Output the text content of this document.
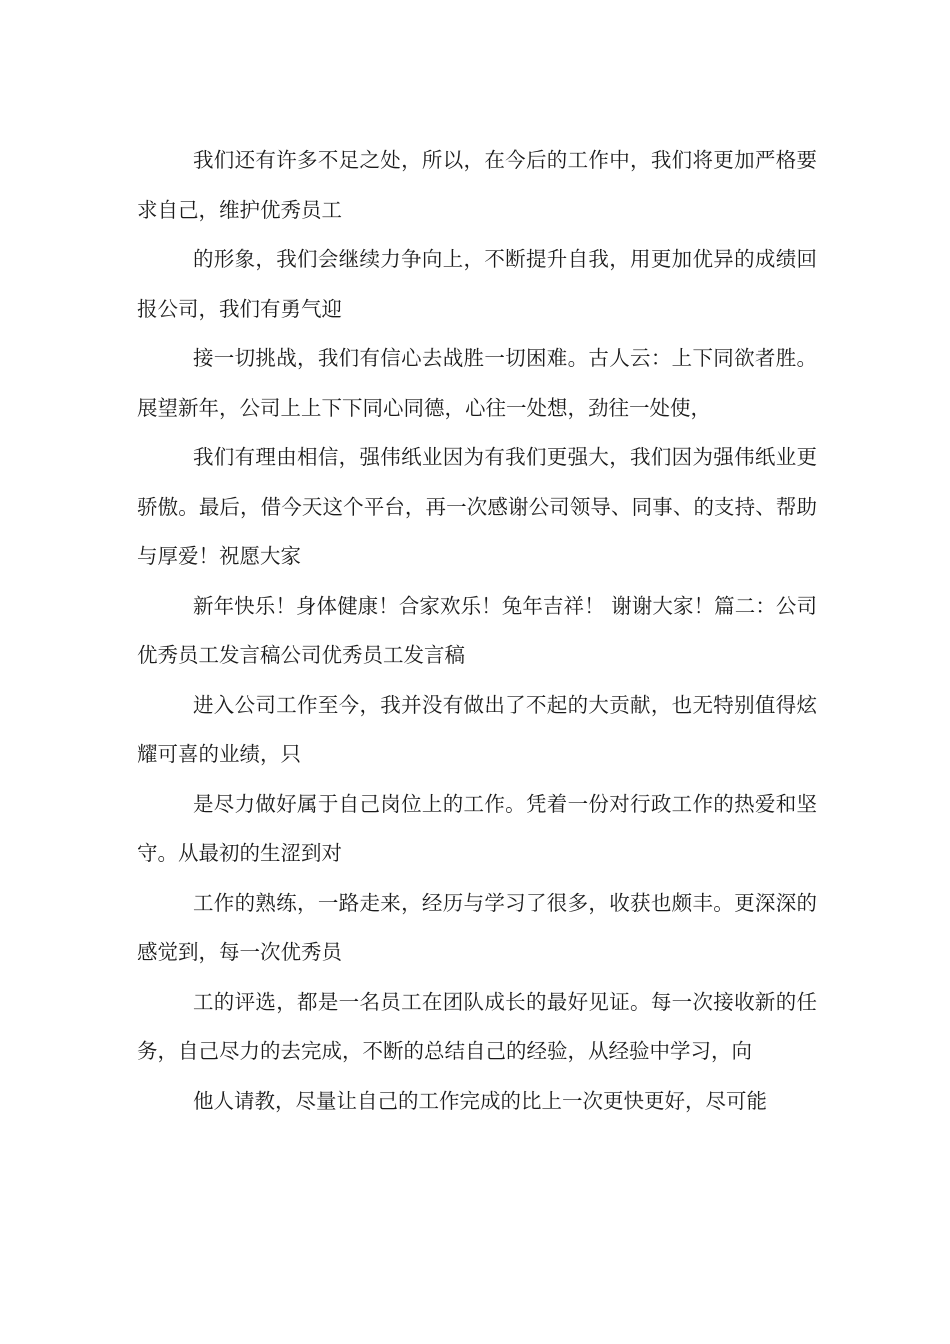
我们还有许多不足之处，所以，在今后的工作中，我们将更加严格要求自己，维护优秀员工

的形象，我们会继续力争向上，不断提升自我，用更加优异的成绩回报公司，我们有勇气迎

接一切挑战，我们有信心去战胜一切困难。古人云：上下同欲者胜。展望新年，公司上上下下同心同德，心往一处想，劲往一处使，

我们有理由相信，强伟纸业因为有我们更强大，我们因为强伟纸业更骄傲。最后，借今天这个平台，再一次感谢公司领导、同事、的支持、帮助与厚爱！祝愿大家

新年快乐！身体健康！合家欢乐！兔年吉祥！ 谢谢大家！篇二：公司优秀员工发言稿公司优秀员工发言稿

进入公司工作至今，我并没有做出了不起的大贡献，也无特别值得炫耀可喜的业绩，只

是尽力做好属于自己岗位上的工作。凭着一份对行政工作的热爱和坚守。从最初的生涩到对

工作的熟练，一路走来，经历与学习了很多，收获也颇丰。更深深的感觉到，每一次优秀员

工的评选，都是一名员工在团队成长的最好见证。每一次接收新的任务，自己尽力的去完成，不断的总结自己的经验，从经验中学习，向

他人请教，尽量让自己的工作完成的比上一次更快更好，尽可能
